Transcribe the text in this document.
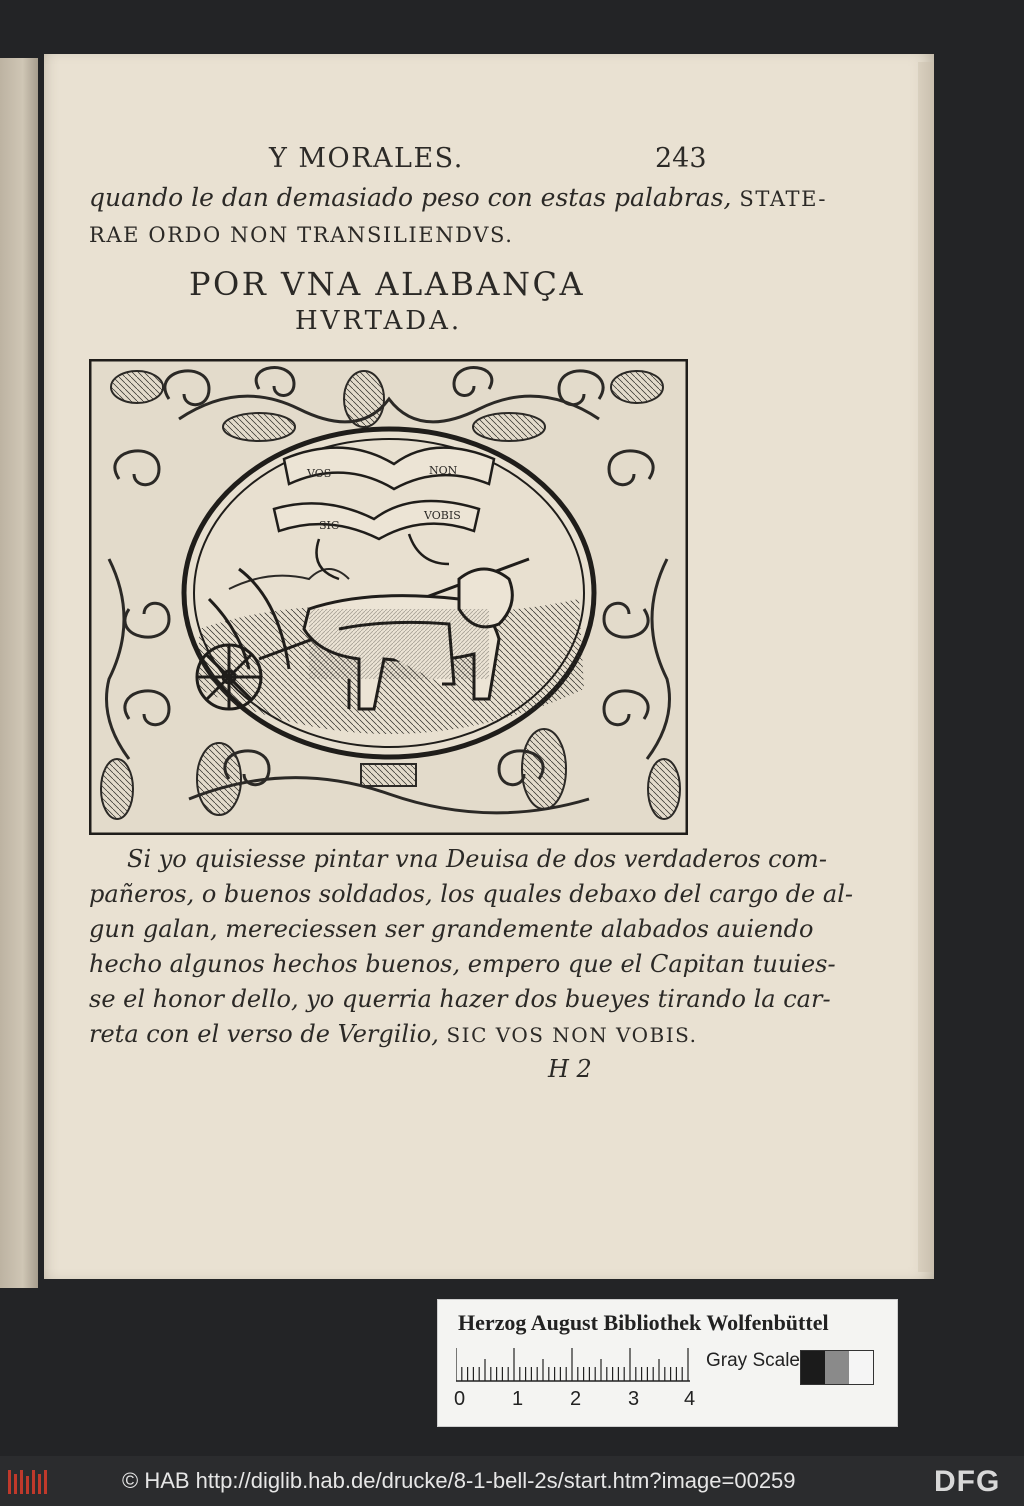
Y MORALES.	243
quando le dan demasiado peso con estas palabras, STATE-
RAE ORDO NON TRANSILIENDVS.
POR VNA ALABANÇA
HVRTADA.
VOS	NON
SIC
VOBIS
Si yo quisiesse pintar vna Deuisa de dos verdaderos com-
pañeros, o buenos soldados, los quales debaxo del cargo de al-
gun galan, mereciessen ser grandemente alabados auiendo
hecho algunos hechos buenos, empero que el Capitan tuuies-
se el honor dello, yo querria hazer dos bueyes tirando la car-
reta con el verso de Vergilio, SIC VOS NON VOBIS.
H 2
Herzog August Bibliothek Wolfenbüttel
Gray Scale
0 1 2 3 4
© HAB http://diglib.hab.de/drucke/8-1-bell-2s/start.htm?image=00259	DFG
